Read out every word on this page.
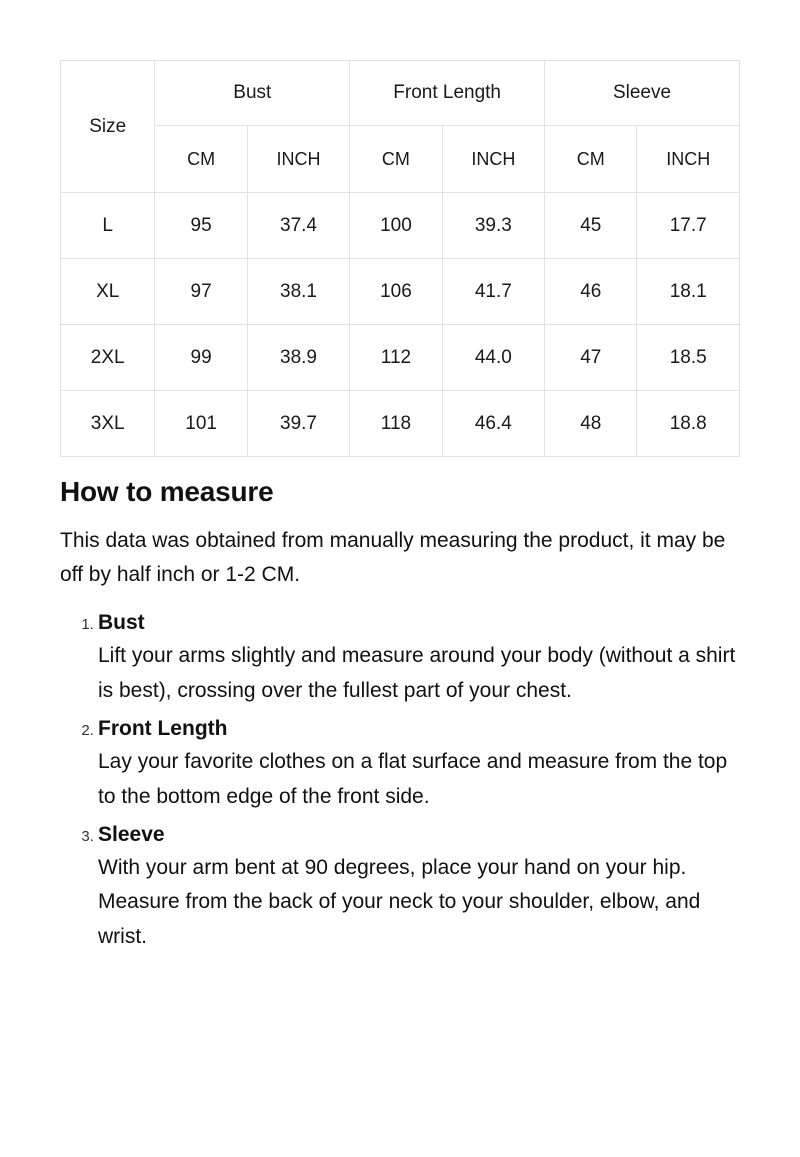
Size	Bust		Front Length		Sleeve	
	CM	INCH	CM	INCH	CM	INCH
L	95	37.4	100	39.3	45	17.7
XL	97	38.1	106	41.7	46	18.1
2XL	99	38.9	112	44.0	47	18.5
3XL	101	39.7	118	46.4	48	18.8
How to measure

This data was obtained from manually measuring the product, it may be off by half inch or 1-2 CM.

1. Bust
Lift your arms slightly and measure around your body (without a shirt is best), crossing over the fullest part of your chest.
2. Front Length
Lay your favorite clothes on a flat surface and measure from the top to the bottom edge of the front side.
3. Sleeve
With your arm bent at 90 degrees, place your hand on your hip. Measure from the back of your neck to your shoulder, elbow, and wrist.
